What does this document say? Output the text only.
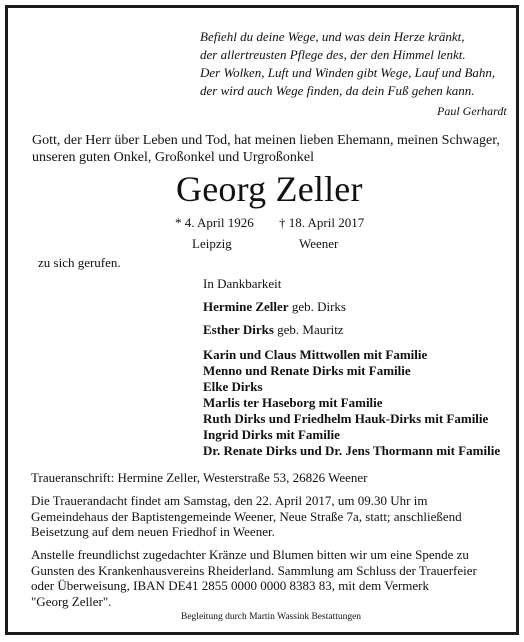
Befiehl du deine Wege, und was dein Herze kränkt,
der allertreusten Pflege des, der den Himmel lenkt.
Der Wolken, Luft und Winden gibt Wege, Lauf und Bahn,
der wird auch Wege finden, da dein Fuß gehen kann.
Paul Gerhardt
Gott, der Herr über Leben und Tod, hat meinen lieben Ehemann, meinen Schwager,
unseren guten Onkel, Großonkel und Urgroßonkel
Georg Zeller
* 4. April 1926 † 18. April 2017
Leipzig	Weener
zu sich gerufen.
In Dankbarkeit
Hermine Zeller geb. Dirks
Esther Dirks geb. Mauritz
Karin und Claus Mittwollen mit Familie
Menno und Renate Dirks mit Familie
Elke Dirks
Marlis ter Haseborg mit Familie
Ruth Dirks und Friedhelm Hauk-Dirks mit Familie
Ingrid Dirks mit Familie
Dr. Renate Dirks und Dr. Jens Thormann mit Familie
Traueranschrift: Hermine Zeller, Westerstraße 53, 26826 Weener
Die Trauerandacht findet am Samstag, den 22. April 2017, um 09.30 Uhr im
Gemeindehaus der Baptistengemeinde Weener, Neue Straße 7a, statt; anschließend
Beisetzung auf dem neuen Friedhof in Weener.
Anstelle freundlichst zugedachter Kränze und Blumen bitten wir um eine Spende zu
Gunsten des Krankenhausvereins Rheiderland. Sammlung am Schluss der Trauerfeier
oder Überweisung, IBAN DE41 2855 0000 0000 8383 83, mit dem Vermerk
"Georg Zeller".
Begleitung durch Martin Wassink Bestattungen
